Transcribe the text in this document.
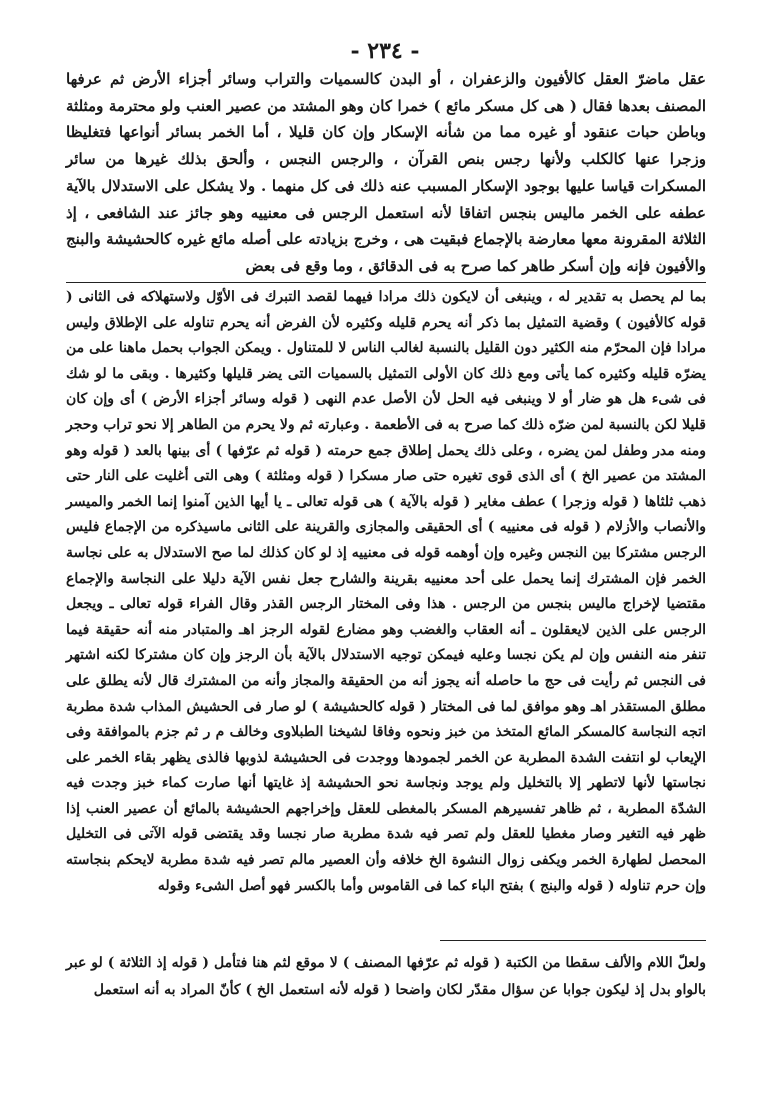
- ٢٣٤ -

عقل ماضرّ العقل كالأفيون والزعفران ، أو البدن كالسميات والتراب وسائر أجزاء الأرض ثم عرفها المصنف بعدها فقال ( هى كل مسكر مائع ) خمرا كان وهو المشتد من عصير العنب ولو محترمة ومثلثة وباطن حبات عنقود أو غيره مما من شأنه الإسكار وإن كان قليلا ، أما الخمر بسائر أنواعها فتغليظا وزجرا عنها كالكلب ولأنها رجس بنص القرآن ، والرجس النجس ، وألحق بذلك غيرها من سائر المسكرات قياسا عليها بوجود الإسكار المسبب عنه ذلك فى كل منهما . ولا يشكل على الاستدلال بالآية عطفه على الخمر ماليس بنجس اتفاقا لأنه استعمل الرجس فى معنييه وهو جائز عند الشافعى ، إذ الثلاثة المقرونة معها معارضة بالإجماع فبقيت هى ، وخرج بزيادته على أصله مائع غيره كالحشيشة والبنج والأفيون فإنه وإن أسكر طاهر كما صرح به فى الدقائق ، وما وقع فى بعض

بما لم يحصل به تقدير له ، وينبغى أن لايكون ذلك مرادا فيهما لقصد التبرك فى الأوّل ولاستهلاكه فى الثانى ( قوله كالأفيون ) وقضية التمثيل بما ذكر أنه يحرم قليله وكثيره لأن الفرض أنه يحرم تناوله على الإطلاق وليس مرادا فإن المحرّم منه الكثير دون القليل بالنسبة لغالب الناس لا للمتناول . ويمكن الجواب بحمل ماهنا على من يضرّه قليله وكثيره كما يأتى ومع ذلك كان الأولى التمثيل بالسميات التى يضر قليلها وكثيرها . وبقى ما لو شك فى شىء هل هو ضار أو لا وينبغى فيه الحل لأن الأصل عدم النهى ( قوله وسائر أجزاء الأرض ) أى وإن كان قليلا لكن بالنسبة لمن ضرّه ذلك كما صرح به فى الأطعمة . وعبارته ثم ولا يحرم من الطاهر إلا نحو تراب وحجر ومنه مدر وطفل لمن يضره ، وعلى ذلك يحمل إطلاق جمع حرمته ( قوله ثم عرّفها ) أى بينها بالعد ( قوله وهو المشتد من عصير الخ ) أى الذى قوى تغيره حتى صار مسكرا ( قوله ومثلثة ) وهى التى أغليت على النار حتى ذهب ثلثاها ( قوله وزجرا ) عطف مغاير ( قوله بالآية ) هى قوله تعالى ـ يا أيها الذين آمنوا إنما الخمر والميسر والأنصاب والأزلام ( قوله فى معنييه ) أى الحقيقى والمجازى والقرينة على الثانى ماسيذكره من الإجماع فليس الرجس مشتركا بين النجس وغيره وإن أوهمه قوله فى معنييه إذ لو كان كذلك لما صح الاستدلال به على نجاسة الخمر فإن المشترك إنما يحمل على أحد معنييه بقرينة والشارح جعل نفس الآية دليلا على النجاسة والإجماع مقتضيا لإخراج ماليس بنجس من الرجس . هذا وفى المختار الرجس القذر وقال الفراء قوله تعالى ـ ويجعل الرجس على الذين لايعقلون ـ أنه العقاب والغضب وهو مضارع لقوله الرجز اهـ والمتبادر منه أنه حقيقة فيما تنفر منه النفس وإن لم يكن نجسا وعليه فيمكن توجيه الاستدلال بالآية بأن الرجز وإن كان مشتركا لكنه اشتهر فى النجس ثم رأيت فى حج ما حاصله أنه يجوز أنه من الحقيقة والمجاز وأنه من المشترك قال لأنه يطلق على مطلق المستقذر اهـ وهو موافق لما فى المختار ( قوله كالحشيشة ) لو صار فى الحشيش المذاب شدة مطربة اتجه النجاسة كالمسكر المائع المتخذ من خبز ونحوه وفاقا لشيخنا الطبلاوى وخالف م ر ثم جزم بالموافقة وفى الإيعاب لو انتفت الشدة المطربة عن الخمر لجمودها ووجدت فى الحشيشة لذوبها فالذى يظهر بقاء الخمر على نجاستها لأنها لاتطهر إلا بالتخليل ولم يوجد ونجاسة نحو الحشيشة إذ غايتها أنها صارت كماء خبز وجدت فيه الشدّة المطربة ، ثم ظاهر تفسيرهم المسكر بالمغطى للعقل وإخراجهم الحشيشة بالمائع أن عصير العنب إذا ظهر فيه التغير وصار مغطيا للعقل ولم تصر فيه شدة مطربة صار نجسا وقد يقتضى قوله الآتى فى التخليل المحصل لطهارة الخمر ويكفى زوال النشوة الخ خلافه وأن العصير مالم تصر فيه شدة مطربة لايحكم بنجاسته وإن حرم تناوله ( قوله والبنج ) بفتح الباء كما فى القاموس وأما بالكسر فهو أصل الشىء وقوله

ولعلّ اللام والألف سقطا من الكتبة ( قوله ثم عرّفها المصنف ) لا موقع لثم هنا فتأمل ( قوله إذ الثلاثة ) لو عبر بالواو بدل إذ ليكون جوابا عن سؤال مقدّر لكان واضحا ( قوله لأنه استعمل الخ ) كأنّ المراد به أنه استعمل
